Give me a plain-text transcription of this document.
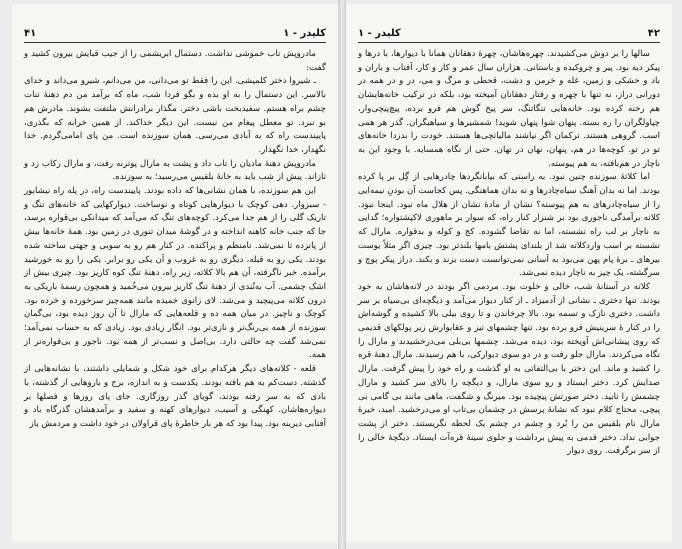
۴۱	کلیدر - ۱

مادروپش تاب خموشی نداشت. دستمال ابریشمی را از جیب قبایش بیرون کشید و گفت:

ـ شیروا دختر کلمیشی. این را فقط تو می‌دانی، من می‌دانم، شیرو می‌داند و خدای بالاسر. این دستمال را به او بده و بگو فردا شب، ماه که برآمد من دم دهنهٔ تنات چشم براه هستم. سفیدبخت باشی دختر. مگذار برادرانش ملتفت بشوند. مادرش هم بو نبرد. تو معطل پیغام من نیست. این دیگر خداکند. از همین خرابه که بگذری، پاییندست راه که به آبادی می‌رسی. همان سوزنده است. من پای امامی‌گردم. خدا نگهدار، خدا نگهدار.

مادروپش دهنهٔ مادیان را تاب داد و پشت به مارال پوترنه رفت، و مارال رکاب زد و تازاند. پیش از شب باید به خانهٔ بلقیس می‌رسید؛ به سوزنده.

این هم سوزنده، با همان نشانی‌ها که داده بودند. پاییندست راه، در پله راه نیشابور - سبزوار. دهی کوچک با دیوارهایی کوتاه و نوساخت. دیوارکهایی که خانه‌های تنگ و تاریک گلی را از هم جدا می‌کرد. کوچه‌های تنگ که می‌آمد که میدانکی بی‌قواره برسد، جا که جنب خانه کاهنه انداخته و در گوشهٔ میدان تنوری در زمین بود. همهٔ خانه‌ها بیش از پانزده تا نمی‌شد. نامنظم و پراکنده. در کنار هم رو به سوبی و جهتی ساخته شده بودند. یکی رو به قبله، دیگری رو به غروب و آن یکی رو برابر. یکی را رو به خورشید برآمده. خبر ناگرفته، آن هم بالا کلاته، زیر راه، دهنهٔ تنگ کوه کاریز بود. چیزی بیش از اشک چشمی. آب به‌تُندی از دهنهٔ تنگ کاریز بیرون می‌خُمید و همچون رسمهٔ باریکی به درون کلاته می‌پیچید و می‌شد. لای زانوی خمیده مانند همه‌چیز سرخورده و خرده بود. کوچک و ناچیز. در میان همه ده و قلعه‌هایی که مارال تا آن روز دیده بود، بی‌گمان سوزنده از همه بی‌رنگ‌تر و نازی‌تر بود. انگار زیادی بود. زیادی که به حساب نمی‌آمد؛ نمی‌شد گفت چه حالتی دارد. بی‌اصل و نسب‌تر از همه بود. ناجور و بی‌قواره‌تر از همه.

قلعه - کلاته‌های دیگر هرکدام برای خود شکل و شمایلی داشتند، با نشانه‌هایی از گذشته. دست‌کم به هم بافته بودند. یکدست و به اندازه، برج و باروهایی از گذشته، با بادی که به سر رفته بودند، گویای گذر روزگاری. جای پای روزها و فصلها بر دیواره‌هاشان. کهنگی و آسیب، دیوارهای کهنه و سفید و برآمدهشان گذرگاه باد و آفتابی دیرینه بود. پیدا بود که هر بار خاطرهٔ پای قراولان در خود داشت و مردمش باز

۴۲
کلیدر - ۱

سالها را بر دوش می‌کشیدند. چهره‌هاشان، چهرهٔ دهقانان همانا با دیوارها، با درها و پیکر دیه بود. پیر و چروکیده و باستانی. هزاران سال عمر و کار و کار، آفتاب و باران و باد و خشکی و زمین، غله و خرمن و دشت، قحطی و مرگ و می، در و در همه در دورانی دراز، نه تنها با چهره و رفتار دهقانان آمیخته بود، بلکه در ترکیب خانه‌هایشان هم رخنه کرده بود. خانه‌هایی تنگاتنگ، سر پیخ گوش هم فرو برده، پیچ‌پیچی‌وار، چپاولگران را ره بسته. پنهان شوا پنهان شوید! شمشیرها و سیاهیگران. گذر هر همی اسب. گروهی هستند. ترکمان اگر نیاشند مالیاتچی‌ها هستند. خودت را بدزدا خانه‌های تو در تو. کوچه‌ها در هم، پنهان، نهان در نهان. حتی از نگاه همسایه. با وجود این به ناچار در هم‌بافته، به هم پیوسته.

اما کلاتهٔ سوزنده چنین نبود. به راستی که بیابانگردها چادرهایی از گِل بر پا کرده بودند. اما نه بدان آهنگ سیاه‌چادرها و نه بدان هماهنگی. پس کجاست آن بودنِ نیمه‌ایی را از سیاه‌چادرهای به هم پیوسته؟ نشان از مادهٔ نشان از هلال ماه نبود. اینجا نبود. کلاته برآمدگی ناجوری بود بر شنزار کنار راه، که سوار بر ماهوری لاکپشتواره؛ گدایی به ناچار بر لب راه نشسته، اما نه تقاضا گشوده. کج و کوله و بدقواره. مارال که نشسته بر اسب واردکلاته شد از بلندای پشتش بامها بلندتر بود. چیزی اگر مثلاً یوست بیرهای ـ برهٔ پام پهن می‌بود به آسانی نمی‌توانست دست بزند و بکند. دراز پیکر پوچ و سرگشته، یک چیز به ناچار دیده نمی‌شد.

کلاته در آستانهٔ شب، خالی و خلوت بود. مردمی اگر بودند در لانه‌هاشان به خود بودند. تنها دختری ـ نشانی از آدمیزاد ـ از کنار دیوار می‌آمد و دیگچه‌ای بی‌سیاه بر سر داشت. دختری نازک و تسمه بود. بالا چرخاندن و تا روی بیلی بالا کشیده و گوشه‌اش را در کنار هٔ سرینیش فرو برده بود. تنها چشمهای تیز و عقابوارش زیر پولکهای قدیمی که روی پیشانی‌اش آویخته بود، دیده می‌شد. چشمها بی‌بلی می‌درخشیدند و مارال را نگاه می‌کردند. مارال جلو رفت و در دو سوی دیوارکی، با هم رسیدند. مارال دهنهٔ قره را کشید و ماند. این دختر با بی‌التفاتی به او گذشت و راه خود را پیش گرفت. مارال صدایش کرد. دختر ایستاد و رو سوی مارال، و دیگچه را بالای سر کشید و مارال چشمش را تابید. دختر صورتش پیچیده بود. میرنگ و شگفت، ماهی مانند بی گامی بی پیچی، محتاج کلام نبود که نشانهٔ پرسش در چشمان بی‌تاب او می‌درخشید. امید، خیرهٔ مارال نام بلقیس من را بُرد و چشم در چشم یک لحظه نگریستند. دختر از پشت جوابی نداد. دختر قدمی به پیش برداشت و جلوی سینهٔ قره‌آت ایستاد. دیگچهٔ خالی را از سر برگرفت. روی دیوار
